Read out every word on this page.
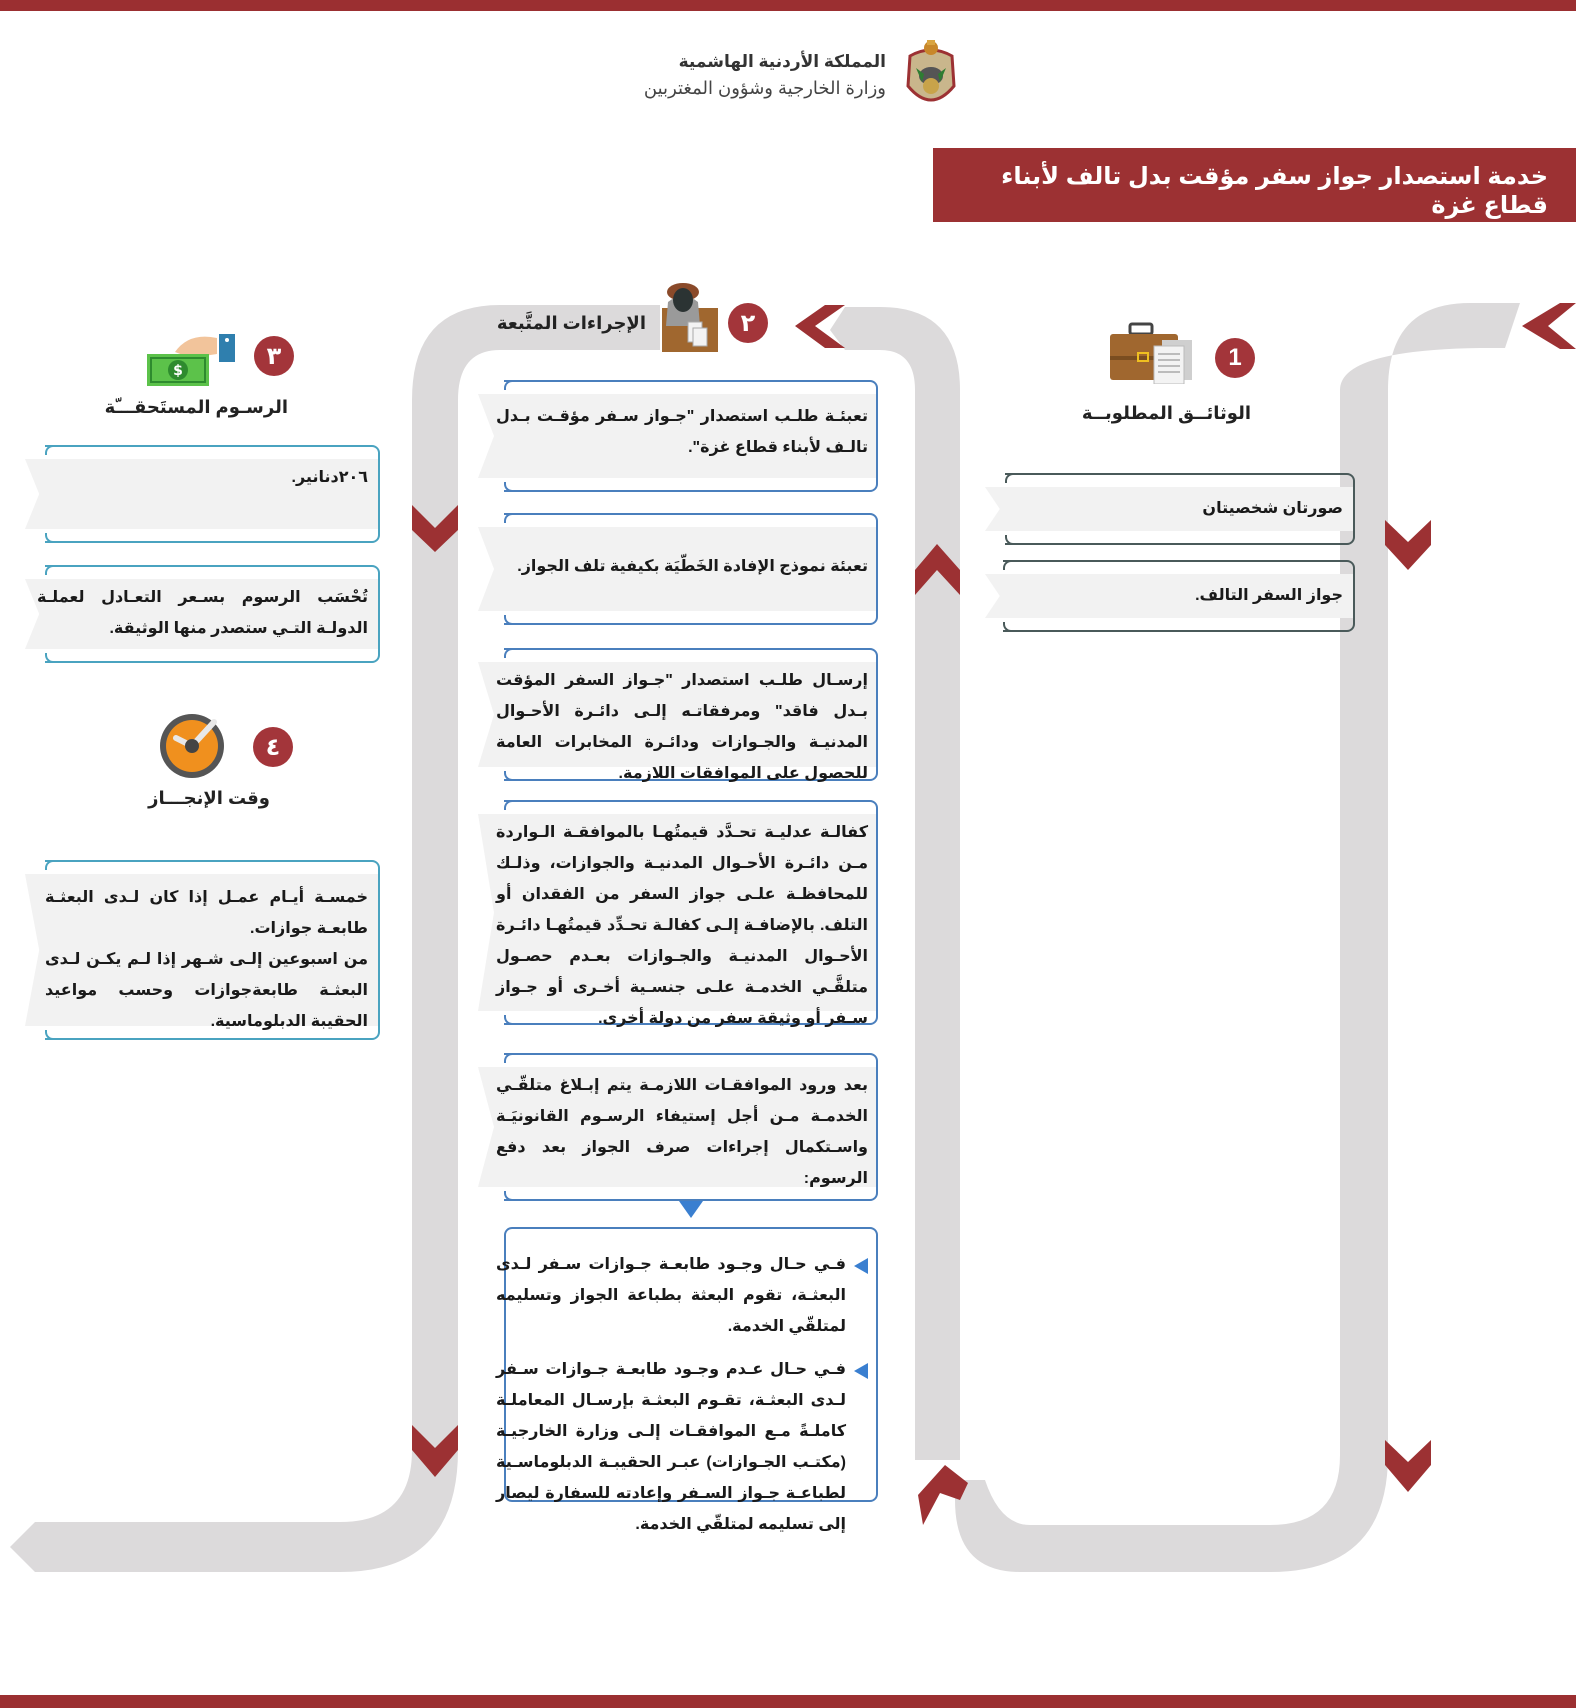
المملكة الأردنية الهاشمية
وزارة الخارجية وشؤون المغتربين
خدمة استصدار جواز سفر مؤقت بدل تالف لأبناء قطاع غزة
1
الوثائــق المطلوبــة
صورتان شخصيتان
جواز السفر التالف.
٢
الإجراءات المتَّبعة
تعبئـة طلـب استصدار "جـواز سـفر مؤقـت بـدل تالـف لأبناء قطاع غزة".
تعبئة نموذج الإفادة الخَطّيَة بكيفية تلف الجواز.
إرسـال طلـب استصدار "جـواز السفر المؤقت بـدل فاقد" ومرفقاتـه إلـى دائـرة الأحـوال المدنيـة والجـوازات ودائـرة المخابرات العامة للحصول على الموافقات اللازمة.
كفالـة عدليـة تحـدَّد قيمتُهـا بالموافقـة الـواردة مـن دائـرة الأحـوال المدنيـة والجوازات، وذلـك للمحافظـة علـى جواز السفر من الفقدان أو التلف. بالإضافـة إلـى كفالـة تحـدِّد قيمتُهـا دائـرة الأحـوال المدنيـة والجـوازات بعـدم حصـول متلقَّـي الخدمـة علـى جنسـية أخـرى أو جـواز سـفر أو وثيقة سفر من دولة أخرى.
بعد ورود الموافقـات اللازمـة يتم إبـلاغ متلقّـي الخدمـة مـن أجل إستيفاء الرسـوم القانونيَـة واسـتكمال إجراءات صرف الجواز بعد دفع الرسوم:
فـي حـال وجـود طابعـة جـوازات سـفر لـدى البعثـة، تقوم البعثة بطباعة الجواز وتسليمه لمتلقّي الخدمة.
فـي حـال عـدم وجـود طابعـة جـوازات سـفر لـدى البعثـة، تقـوم البعثـة بإرسـال المعاملـة كاملـةً مـع الموافقـات إلـى وزارة الخارجيـة (مكتـب الجـوازات) عبـر الحقيبـة الدبلوماسـية لطباعـة جـواز السـفر وإعادته للسفارة ليصار إلى تسليمه لمتلقّي الخدمة.
٣
$
الرسـوم المستَحقـــّة
٢٠٦دنانير.
تُحْسَب الرسوم بسـعر التعـادل لعملـة الدولـة التـي ستصدر منها الوثيقة.
٤
وقت الإنجـــاز
خمسـة أيـام عمـل إذا كان لـدى البعثـة طابعـة جوازات.
من اسبوعين إلـى شـهر إذا لـم يكـن لـدى البعثـة طابعةجوازات وحسب مواعيد الحقيبة الدبلوماسية.
